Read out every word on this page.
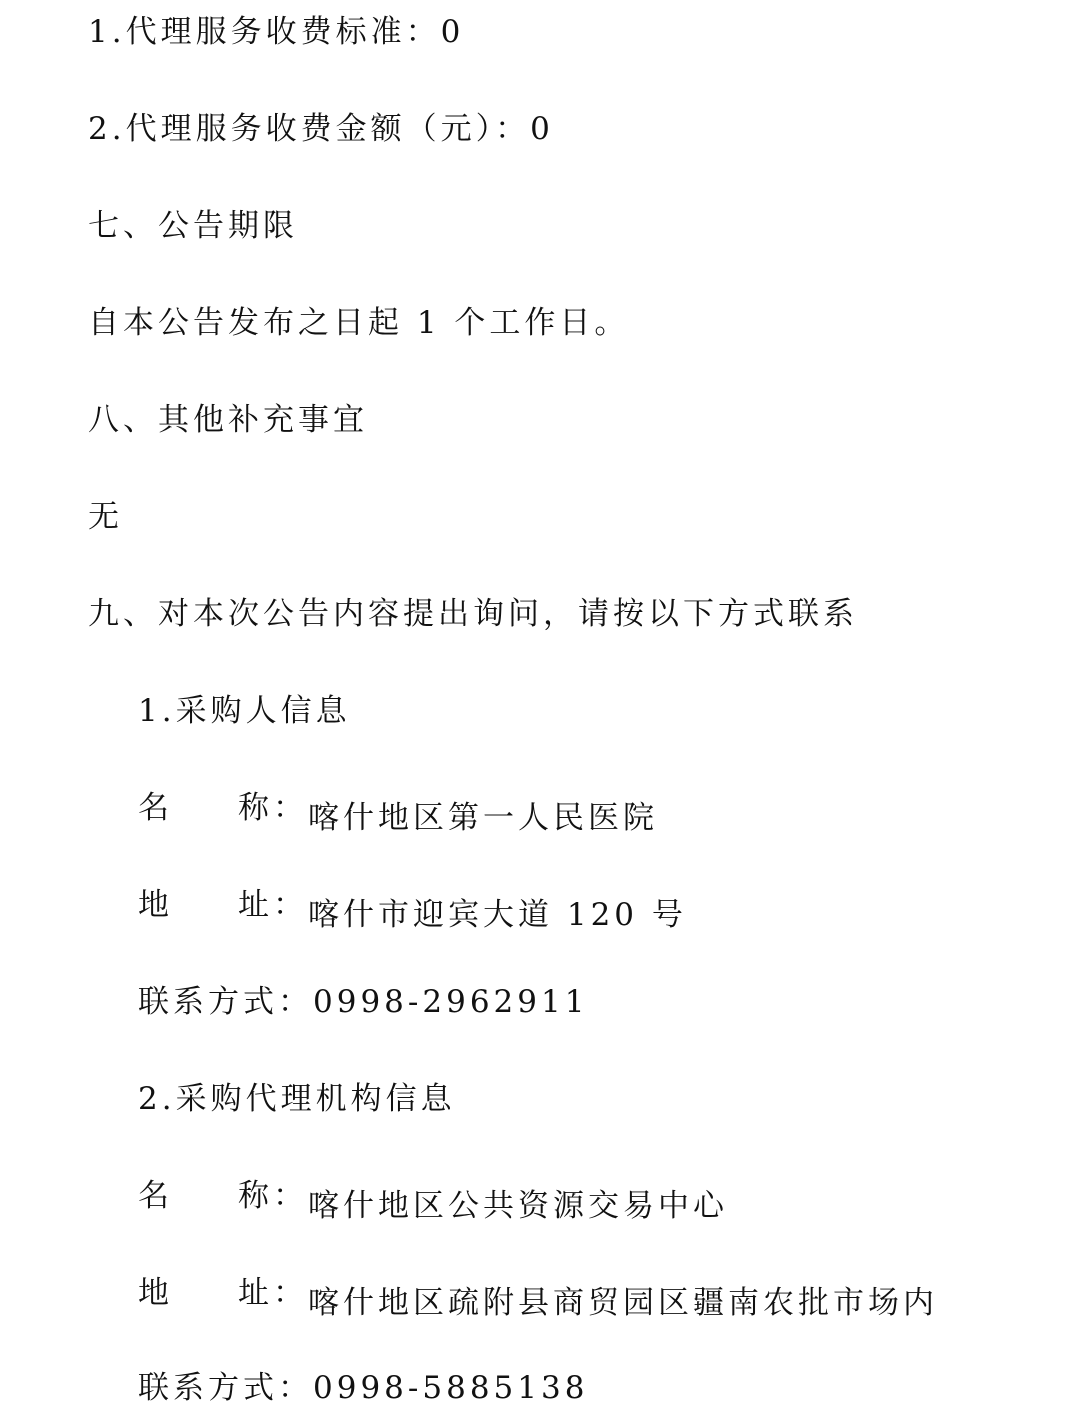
1.代理服务收费标准：0
2.代理服务收费金额（元）：0
七、公告期限
自本公告发布之日起 1 个工作日。
八、其他补充事宜
无
九、对本次公告内容提出询问，请按以下方式联系
1.采购人信息
名 称： 喀什地区第一人民医院
地 址： 喀什市迎宾大道 120 号
联系方式：0998-2962911
2.采购代理机构信息
名 称： 喀什地区公共资源交易中心
地 址： 喀什地区疏附县商贸园区疆南农批市场内
联系方式：0998-5885138
